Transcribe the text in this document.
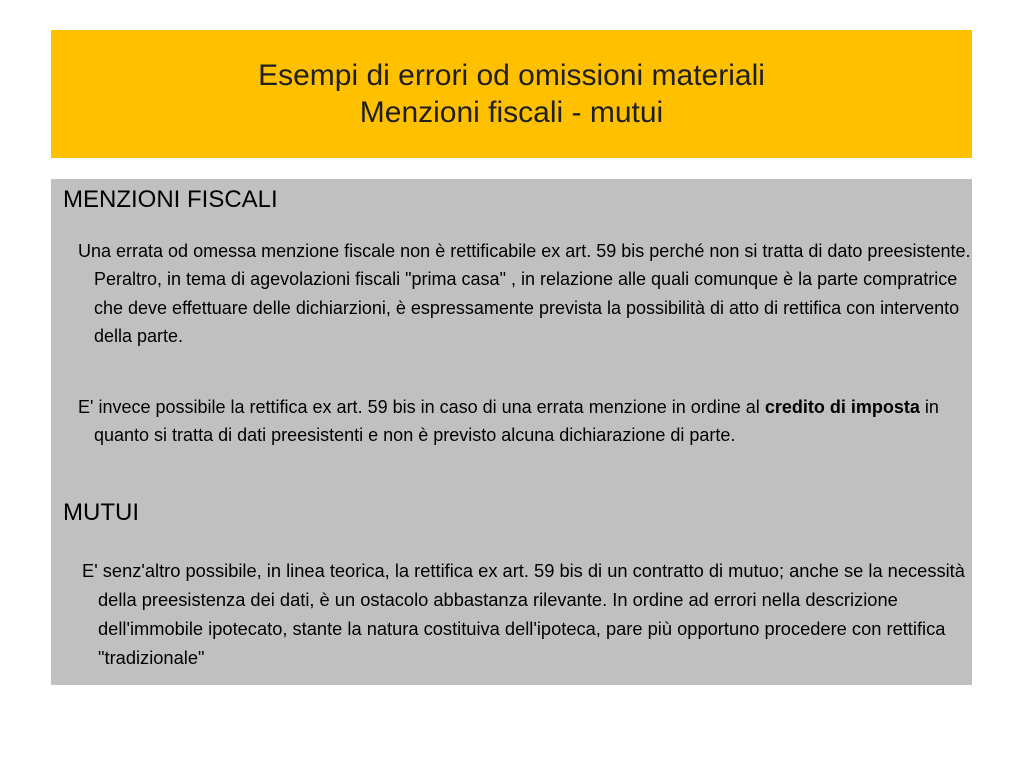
Esempi di errori od omissioni materiali
Menzioni fiscali - mutui
MENZIONI FISCALI
Una errata od omessa menzione fiscale non è rettificabile ex art. 59 bis perché non si tratta di dato preesistente. Peraltro, in tema di agevolazioni fiscali "prima casa" , in relazione alle quali comunque è la parte compratrice che deve effettuare delle dichiarzioni, è espressamente prevista la possibilità di atto di rettifica con intervento della parte.
E' invece possibile la rettifica ex art. 59 bis in caso di una errata menzione in ordine al credito di imposta in quanto si tratta di dati preesistenti e non è previsto alcuna dichiarazione di parte.
MUTUI
E' senz'altro possibile, in linea teorica, la rettifica ex art. 59 bis di un contratto di mutuo; anche se la necessità della preesistenza dei dati, è un ostacolo abbastanza rilevante. In ordine ad errori nella descrizione dell'immobile ipotecato, stante la natura costituiva dell'ipoteca, pare più opportuno procedere con rettifica "tradizionale"
